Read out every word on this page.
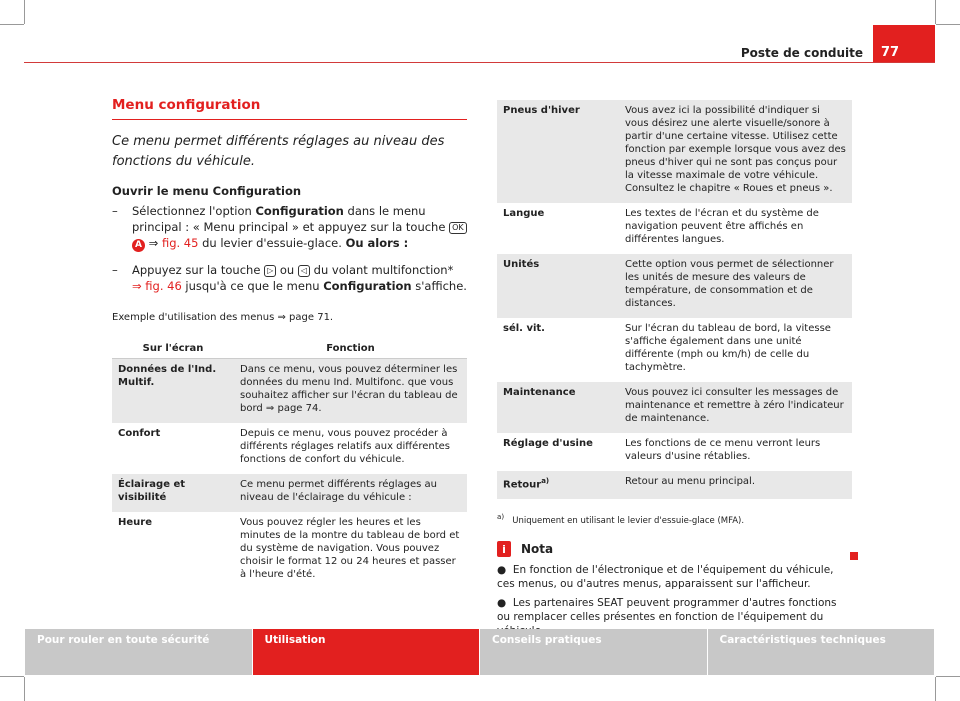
Poste de conduite	77
Menu configuration
Ce menu permet différents réglages au niveau des fonctions du véhicule.
Ouvrir le menu Configuration
– Sélectionnez l'option Configuration dans le menu principal : « Menu principal » et appuyez sur la touche OK A ⇒ fig. 45 du levier d'essuie-glace. Ou alors :
– Appuyez sur la touche ▷ ou ◁ du volant multifonction*
⇒ fig. 46 jusqu'à ce que le menu Configuration s'affiche.
Exemple d'utilisation des menus ⇒ page 71.
Sur l'écran	Fonction
Données de l'Ind. Multif.	Dans ce menu, vous pouvez déterminer les données du menu Ind. Multifonc. que vous souhaitez afficher sur l'écran du tableau de bord ⇒ page 74.
Confort	Depuis ce menu, vous pouvez procéder à différents réglages relatifs aux différentes fonctions de confort du véhicule.
Éclairage et visibilité	Ce menu permet différents réglages au niveau de l'éclairage du véhicule :
Heure	Vous pouvez régler les heures et les minutes de la montre du tableau de bord et du système de navigation. Vous pouvez choisir le format 12 ou 24 heures et passer à l'heure d'été.
Pneus d'hiver	Vous avez ici la possibilité d'indiquer si vous désirez une alerte visuelle/sonore à partir d'une certaine vitesse. Utilisez cette fonction par exemple lorsque vous avez des pneus d'hiver qui ne sont pas conçus pour la vitesse maximale de votre véhicule. Consultez le chapitre « Roues et pneus ».
Langue	Les textes de l'écran et du système de navigation peuvent être affichés en différentes langues.
Unités	Cette option vous permet de sélectionner les unités de mesure des valeurs de température, de consommation et de distances.
sél. vit.	Sur l'écran du tableau de bord, la vitesse s'affiche également dans une unité différente (mph ou km/h) de celle du tachymètre.
Maintenance	Vous pouvez ici consulter les messages de maintenance et remettre à zéro l'indicateur de maintenance.
Réglage d'usine	Les fonctions de ce menu verront leurs valeurs d'usine rétablies.
Retour$^{a)}$	Retour au menu principal.
$^{a)}$ Uniquement en utilisant le levier d'essuie-glace (MFA).
i	Nota

●  En fonction de l'électronique et de l'équipement du véhicule, ces menus, ou d'autres menus, apparaissent sur l'afficheur.

●  Les partenaires SEAT peuvent programmer d'autres fonctions ou remplacer celles présentes en fonction de l'équipement du

Pour rouler en toute sécurité	Utilisation	Conseils pratiques	Caractéristiques techniques
